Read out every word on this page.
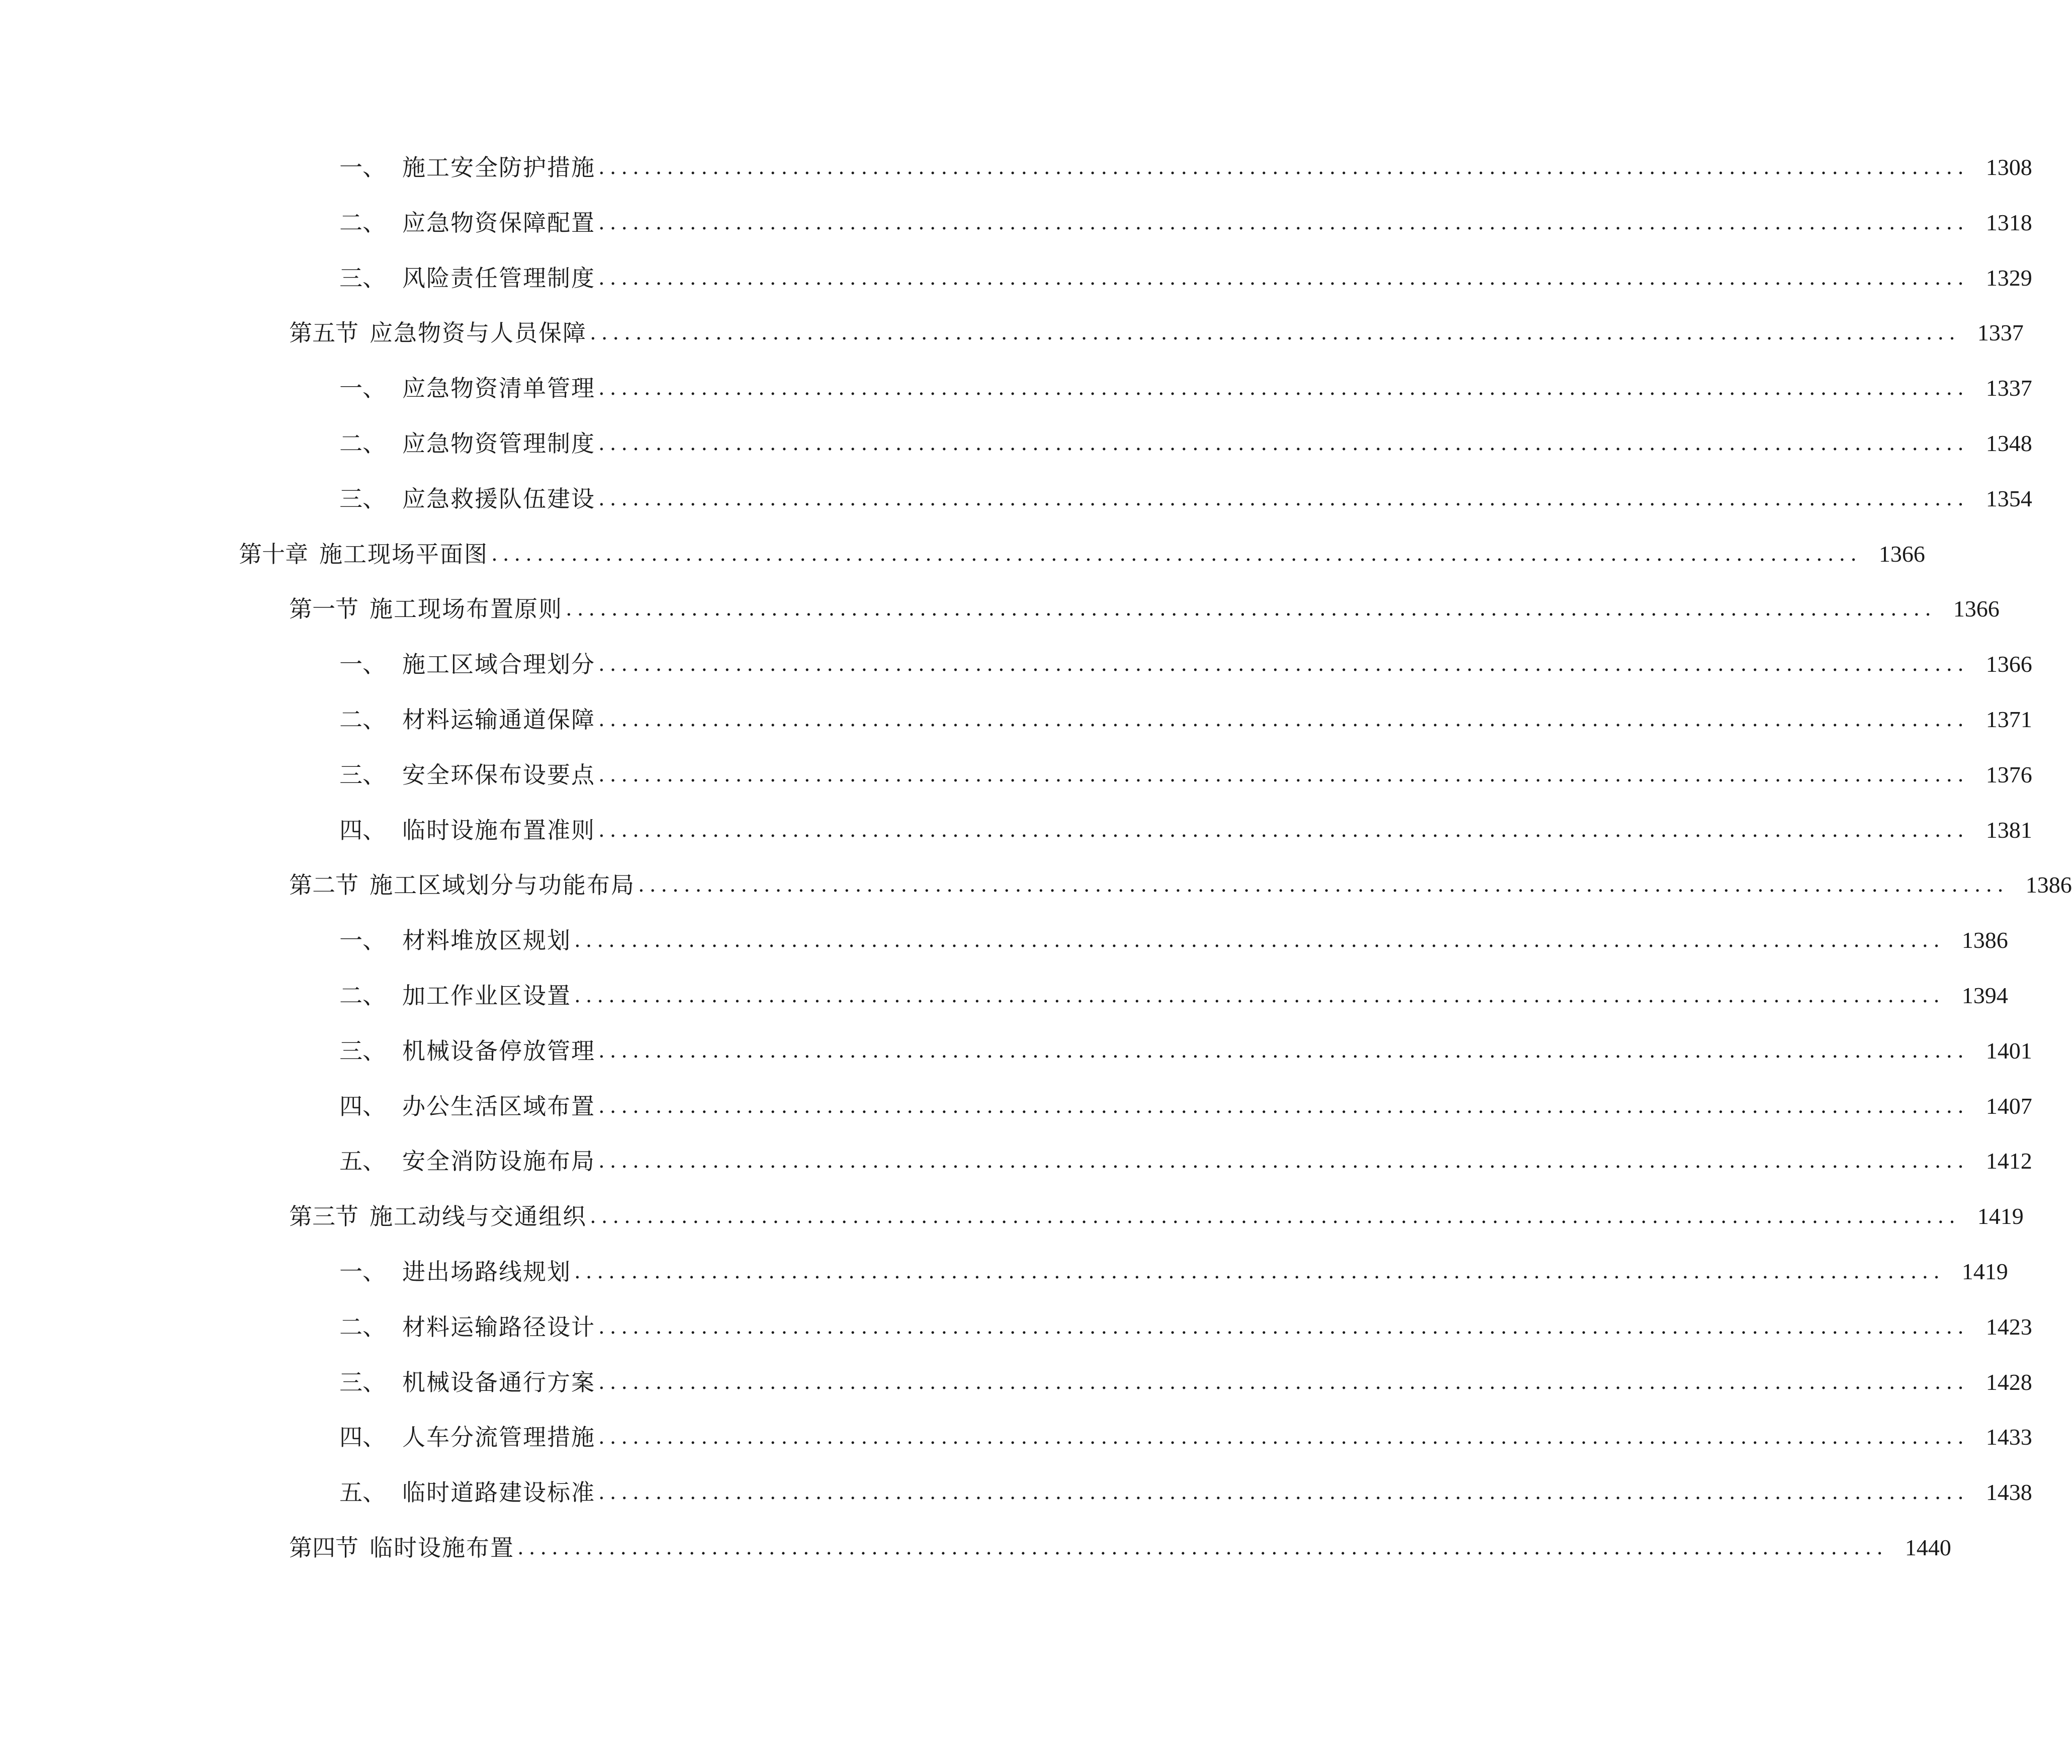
一、 施工安全防护措施 ........................................................................................................................ 1308
二、 应急物资保障配置 ........................................................................................................................ 1318
三、 风险责任管理制度 ........................................................................................................................ 1329
第五节 应急物资与人员保障 ........................................................................................................................ 1337
一、 应急物资清单管理 ........................................................................................................................ 1337
二、 应急物资管理制度 ........................................................................................................................ 1348
三、 应急救援队伍建设 ........................................................................................................................ 1354
第十章 施工现场平面图 ........................................................................................................................ 1366
第一节 施工现场布置原则 ........................................................................................................................ 1366
一、 施工区域合理划分 ........................................................................................................................ 1366
二、 材料运输通道保障 ........................................................................................................................ 1371
三、 安全环保布设要点 ........................................................................................................................ 1376
四、 临时设施布置准则 ........................................................................................................................ 1381
第二节 施工区域划分与功能布局 ........................................................................................................................ 1386
一、 材料堆放区规划 ........................................................................................................................ 1386
二、 加工作业区设置 ........................................................................................................................ 1394
三、 机械设备停放管理 ........................................................................................................................ 1401
四、 办公生活区域布置 ........................................................................................................................ 1407
五、 安全消防设施布局 ........................................................................................................................ 1412
第三节 施工动线与交通组织 ........................................................................................................................ 1419
一、 进出场路线规划 ........................................................................................................................ 1419
二、 材料运输路径设计 ........................................................................................................................ 1423
三、 机械设备通行方案 ........................................................................................................................ 1428
四、 人车分流管理措施 ........................................................................................................................ 1433
五、 临时道路建设标准 ........................................................................................................................ 1438
第四节 临时设施布置 ........................................................................................................................ 1440
